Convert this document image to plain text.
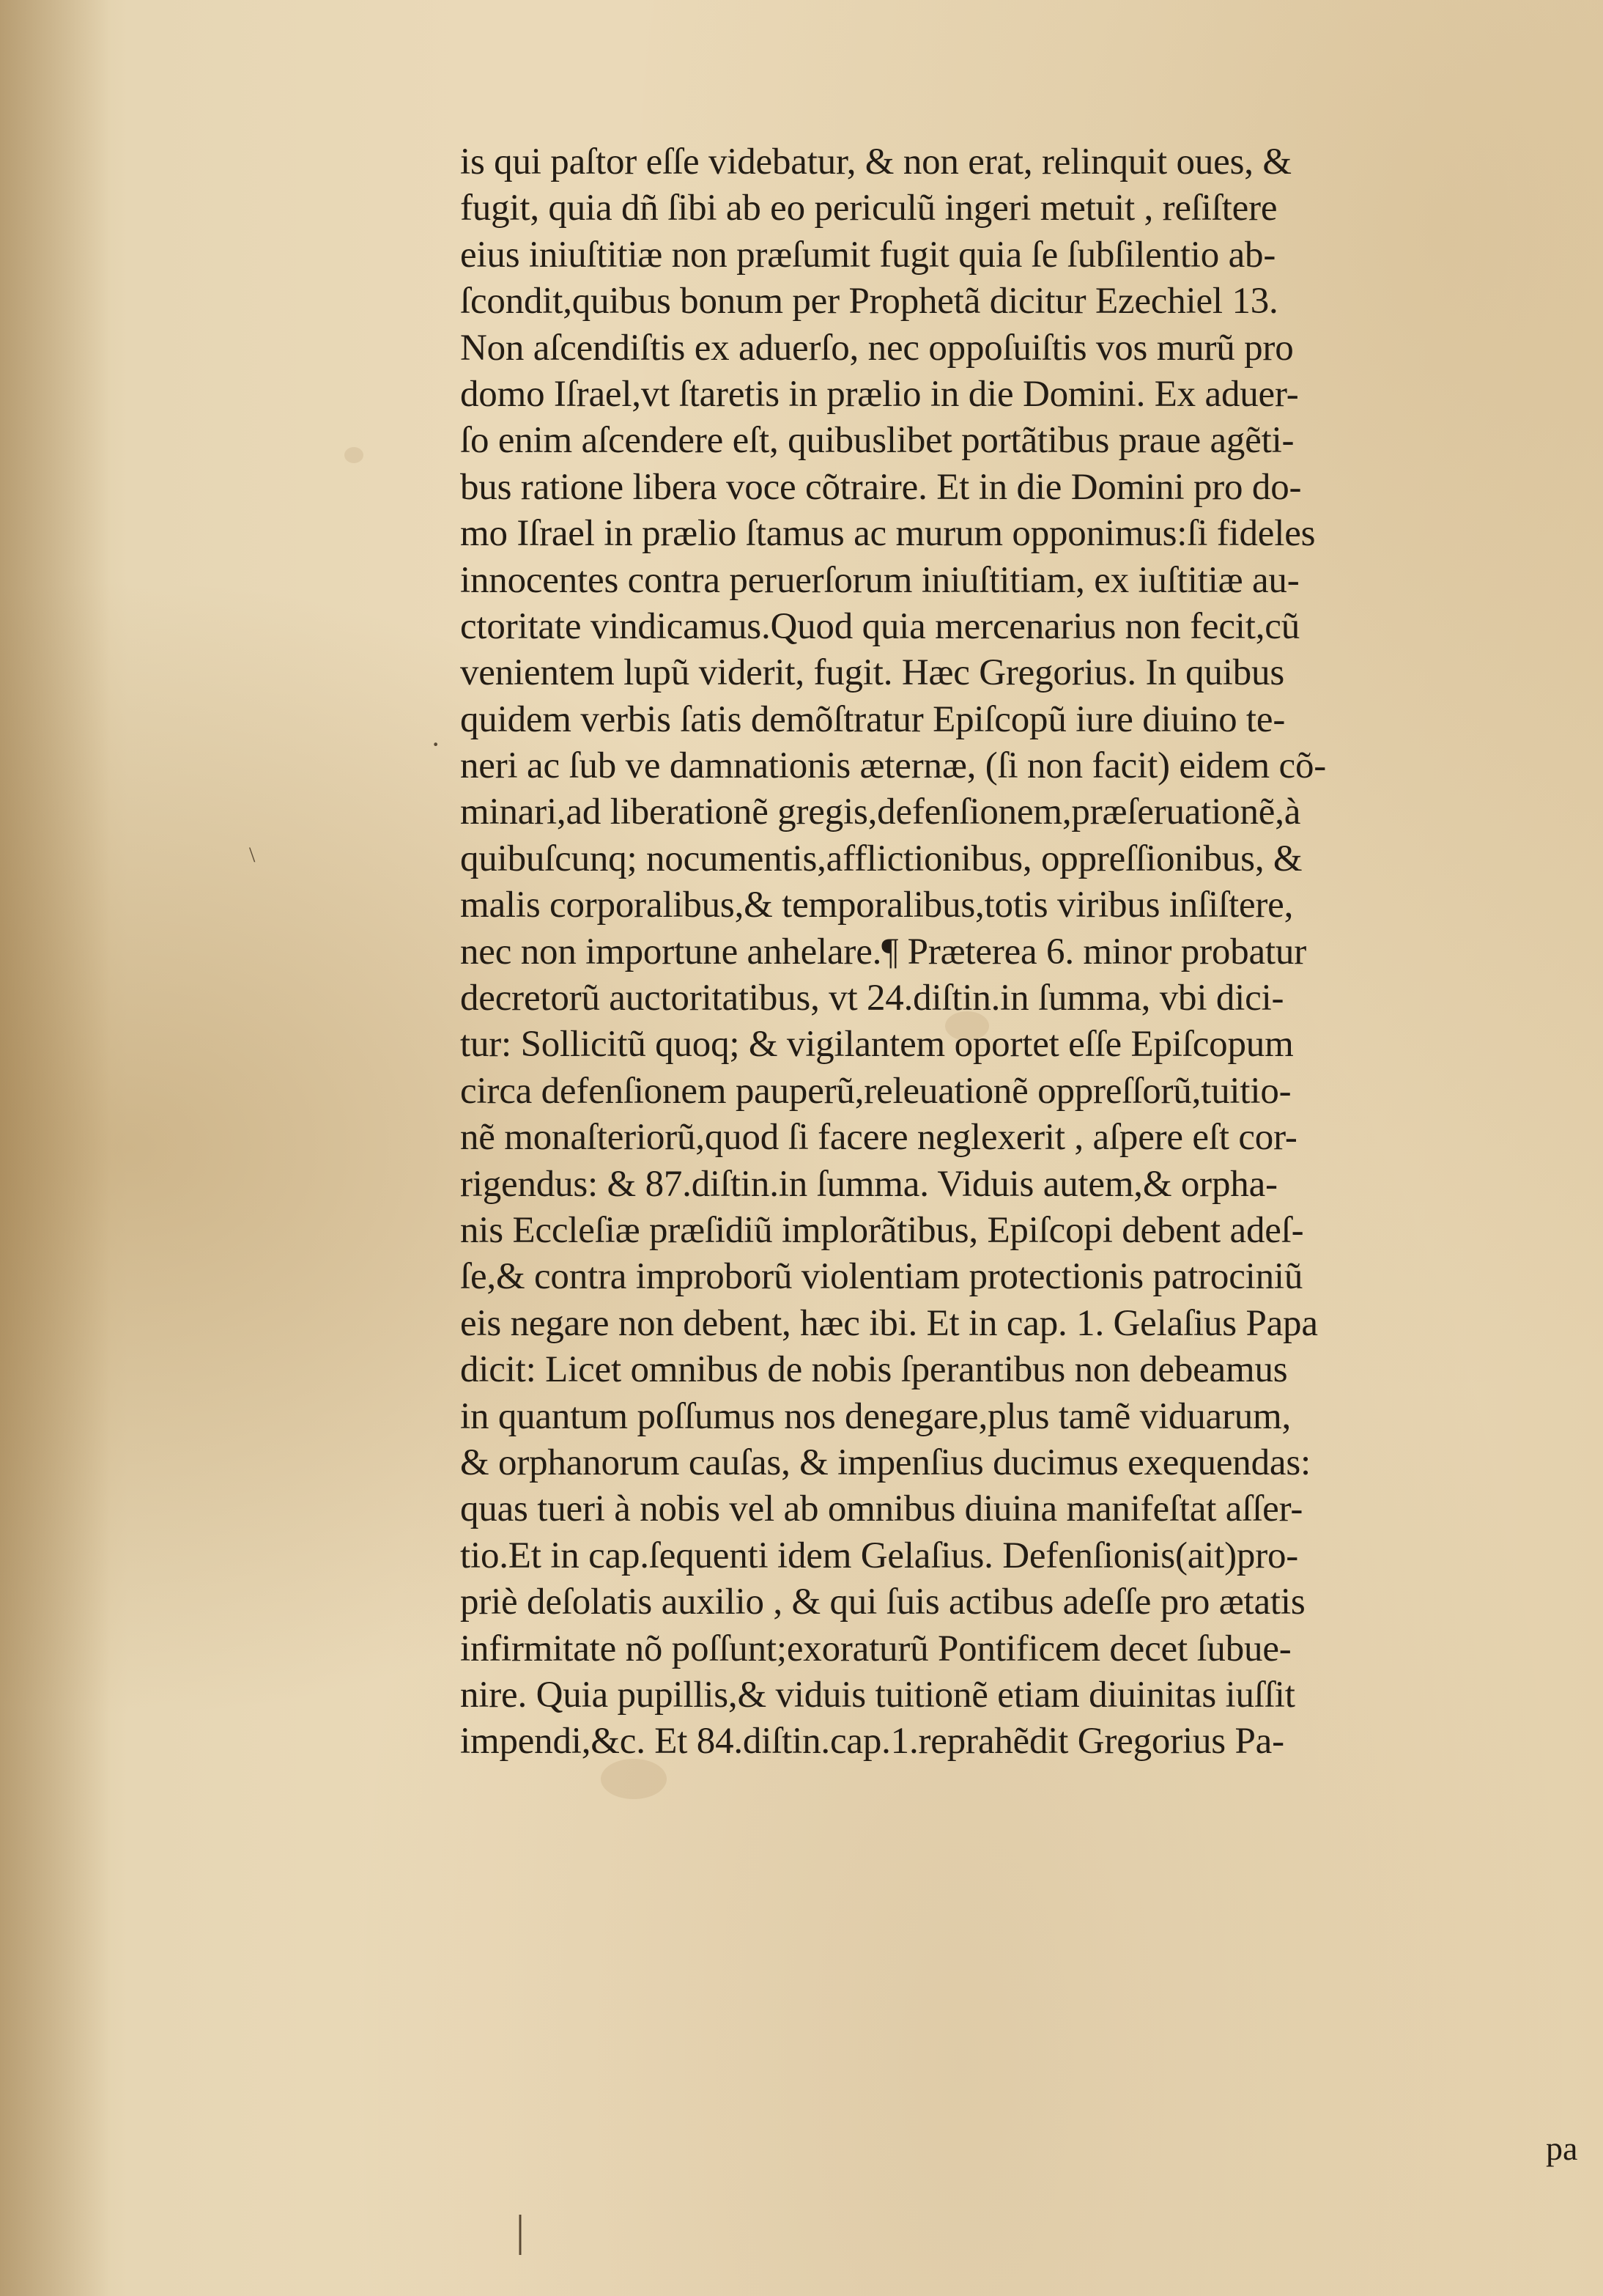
·
\
|
is qui paſtor eſſe videbatur, & non erat, relinquit oues, &
fugit, quia dñ ſibi ab eo periculũ ingeri metuit , reſiſtere
eius iniuſtitiæ non præſumit fugit quia ſe ſubſilentio ab-
ſcondit,quibus bonum per Prophetã dicitur Ezechiel 13.
Non aſcendiſtis ex aduerſo, nec oppoſuiſtis vos murũ pro
domo Iſrael,vt ſtaretis in prælio in die Domini. Ex aduer-
ſo enim aſcendere eſt, quibuslibet portãtibus praue agẽti-
bus ratione libera voce cõtraire. Et in die Domini pro do-
mo Iſrael in prælio ſtamus ac murum opponimus:ſi fideles
innocentes contra peruerſorum iniuſtitiam, ex iuſtitiæ au-
ctoritate vindicamus.Quod quia mercenarius non fecit,cũ
venientem lupũ viderit, fugit. Hæc Gregorius. In quibus
quidem verbis ſatis demõſtratur Epiſcopũ iure diuino te-
neri ac ſub ve damnationis æternæ, (ſi non facit) eidem cõ-
minari,ad liberationẽ gregis,defenſionem,præſeruationẽ,à
quibuſcunq; nocumentis,afflictionibus, oppreſſionibus, &
malis corporalibus,& temporalibus,totis viribus inſiſtere,
nec non importune anhelare.¶ Præterea 6. minor probatur
decretorũ auctoritatibus, vt 24.diſtin.in ſumma, vbi dici-
tur: Sollicitũ quoq; & vigilantem oportet eſſe Epiſcopum
circa defenſionem pauperũ,releuationẽ oppreſſorũ,tuitio-
nẽ monaſteriorũ,quod ſi facere neglexerit , aſpere eſt cor-
rigendus: & 87.diſtin.in ſumma. Viduis autem,& orpha-
nis Eccleſiæ præſidiũ implorãtibus, Epiſcopi debent adeſ-
ſe,& contra improborũ violentiam protectionis patrociniũ
eis negare non debent, hæc ibi. Et in cap. 1. Gelaſius Papa
dicit: Licet omnibus de nobis ſperantibus non debeamus
in quantum poſſumus nos denegare,plus tamẽ viduarum,
& orphanorum cauſas, & impenſius ducimus exequendas:
quas tueri à nobis vel ab omnibus diuina manifeſtat aſſer-
tio.Et in cap.ſequenti idem Gelaſius. Defenſionis(ait)pro-
priè deſolatis auxilio , & qui ſuis actibus adeſſe pro ætatis
infirmitate nõ poſſunt;exoraturũ Pontificem decet ſubue-
nire. Quia pupillis,& viduis tuitionẽ etiam diuinitas iuſſit
impendi,&c. Et 84.diſtin.cap.1.reprahẽdit Gregorius Pa-
pa
